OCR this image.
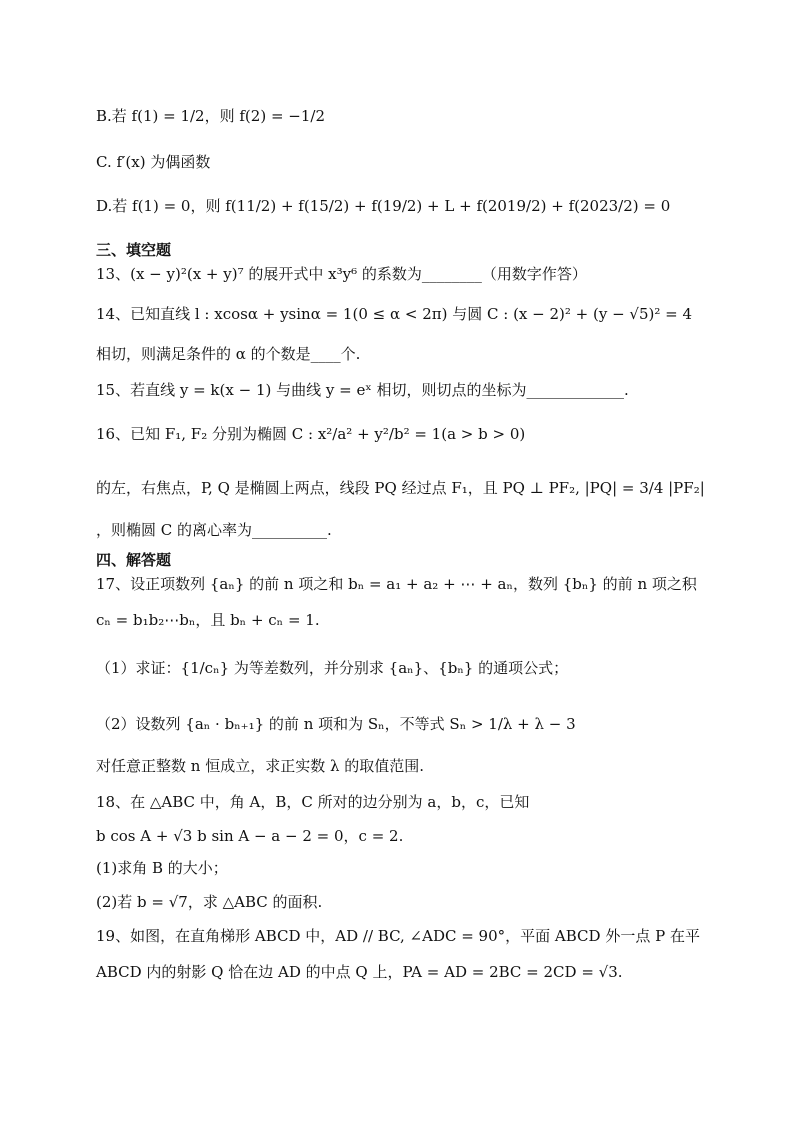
B.若 f(1) = 1/2，则 f(2) = −1/2
C. f′(x) 为偶函数
D.若 f(1) = 0，则 f(11/2) + f(15/2) + f(19/2) + L + f(2019/2) + f(2023/2) = 0
三、填空题
13、(x − y)²(x + y)⁷ 的展开式中 x³y⁶ 的系数为________（用数字作答）
14、已知直线 l : xcosα + ysinα = 1(0 ≤ α < 2π) 与圆 C : (x − 2)² + (y − √5)² = 4
相切，则满足条件的 α 的个数是____个.
15、若直线 y = k(x − 1) 与曲线 y = eˣ 相切，则切点的坐标为_____________.
16、已知 F₁, F₂ 分别为椭圆 C : x²/a² + y²/b² = 1(a > b > 0)
的左，右焦点，P, Q 是椭圆上两点，线段 PQ 经过点 F₁，且 PQ ⊥ PF₂, |PQ| = 3/4 |PF₂|
，则椭圆 C 的离心率为__________.
四、解答题
17、设正项数列 {aₙ} 的前 n 项之和 bₙ = a₁ + a₂ + ⋯ + aₙ，数列 {bₙ} 的前 n 项之积
cₙ = b₁b₂⋯bₙ，且 bₙ + cₙ = 1.
（1）求证：{1/cₙ} 为等差数列，并分别求 {aₙ}、{bₙ} 的通项公式；
（2）设数列 {aₙ · bₙ₊₁} 的前 n 项和为 Sₙ，不等式 Sₙ > 1/λ + λ − 3
对任意正整数 n 恒成立，求正实数 λ 的取值范围.
18、在 △ABC 中，角 A，B，C 所对的边分别为 a，b，c，已知
b cos A + √3 b sin A − a − 2 = 0，c = 2.
(1)求角 B 的大小；
(2)若 b = √7，求 △ABC 的面积.
19、如图，在直角梯形 ABCD 中，AD // BC, ∠ADC = 90°，平面 ABCD 外一点 P 在平
ABCD 内的射影 Q 恰在边 AD 的中点 Q 上，PA = AD = 2BC = 2CD = √3.
